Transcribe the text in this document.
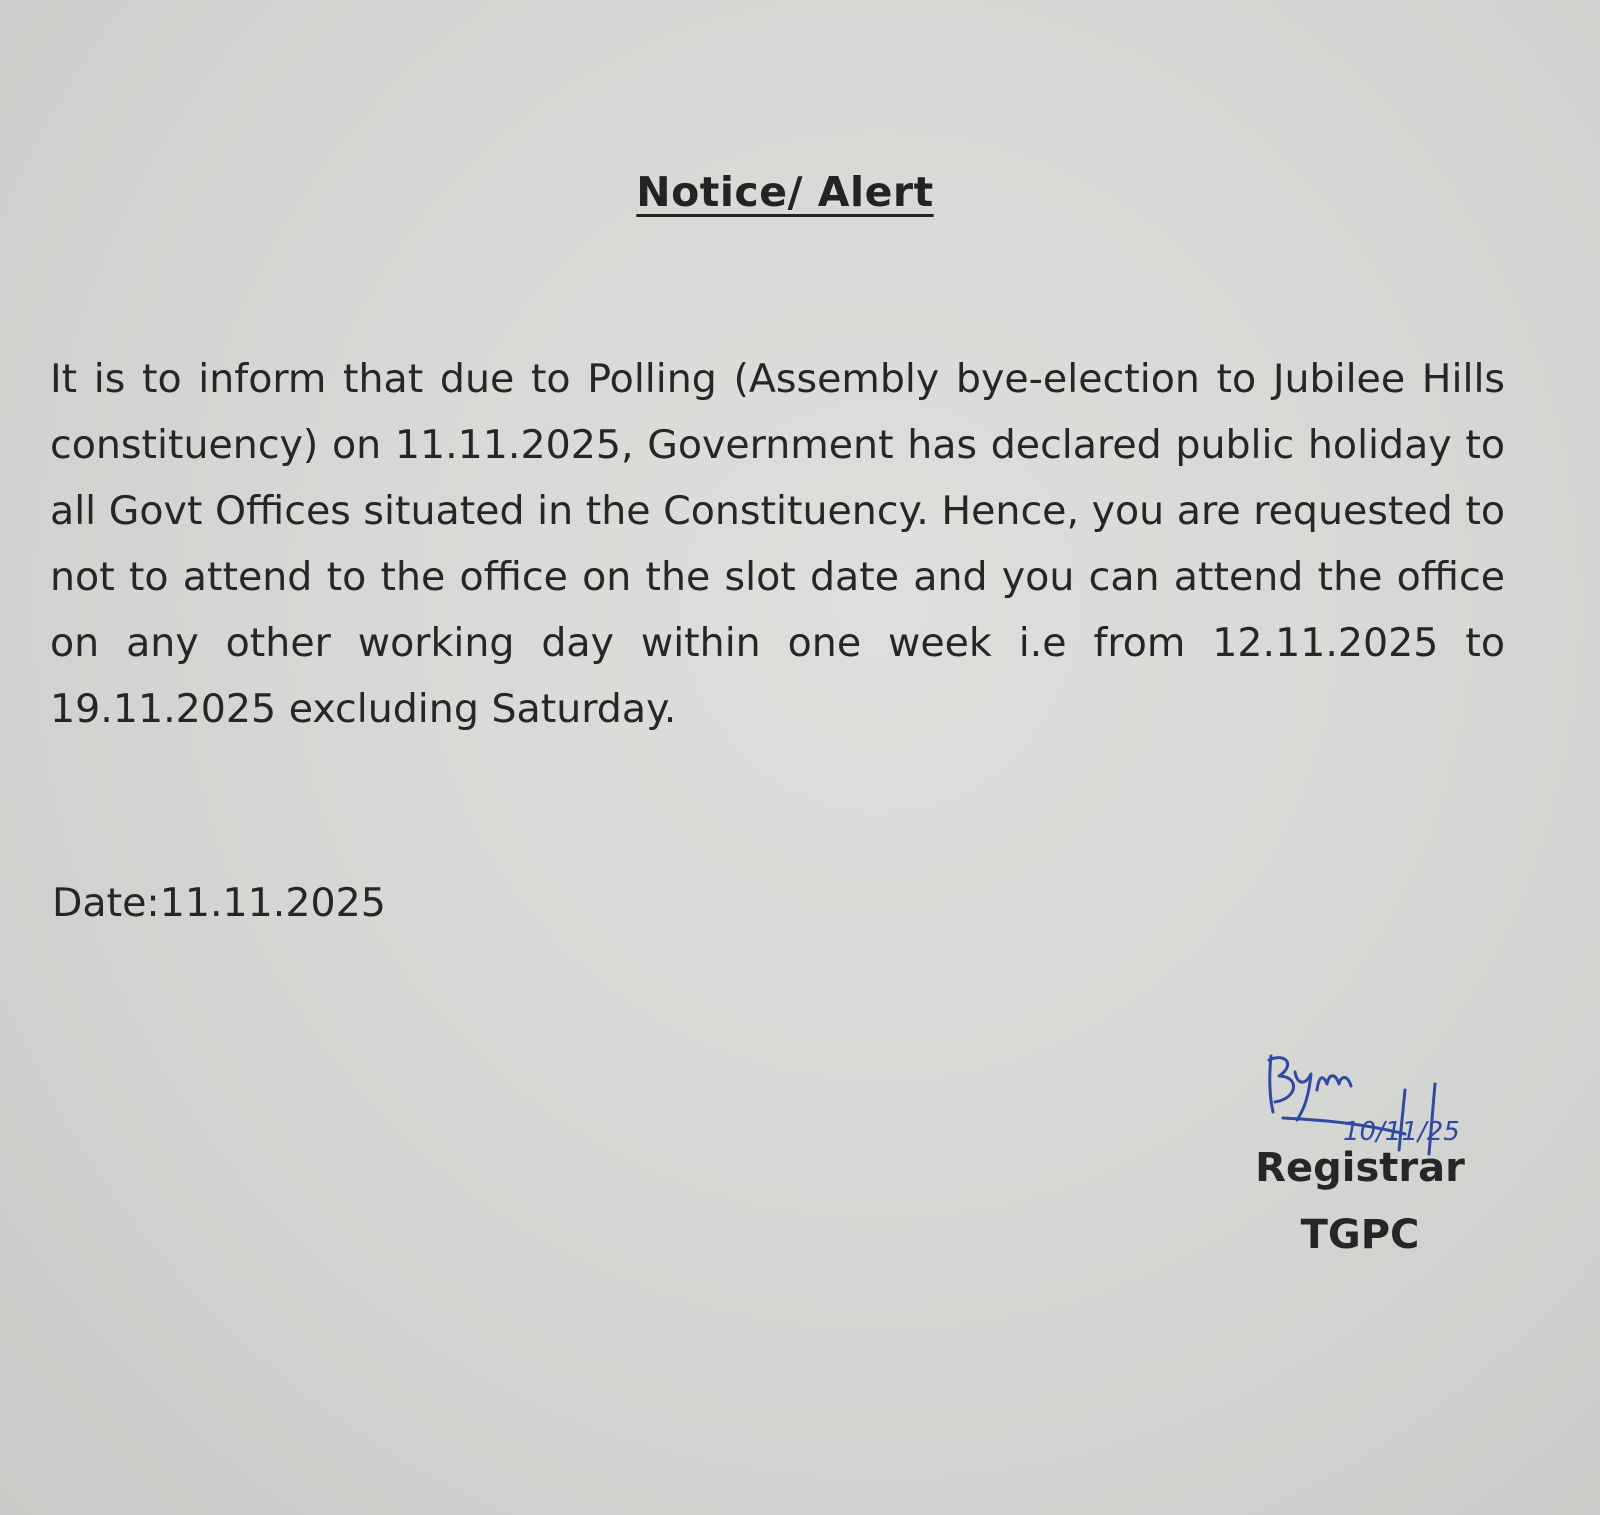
Notice/ Alert
It is to inform that due to Polling (Assembly bye-election to Jubilee Hills constituency) on 11.11.2025, Government has declared public holiday to all Govt Offices situated in the Constituency. Hence, you are requested to not to attend to the office on the slot date and you can attend the office on any other working day within one week i.e from 12.11.2025 to 19.11.2025 excluding Saturday.
Date:11.11.2025
10/11/25
Registrar
TGPC
